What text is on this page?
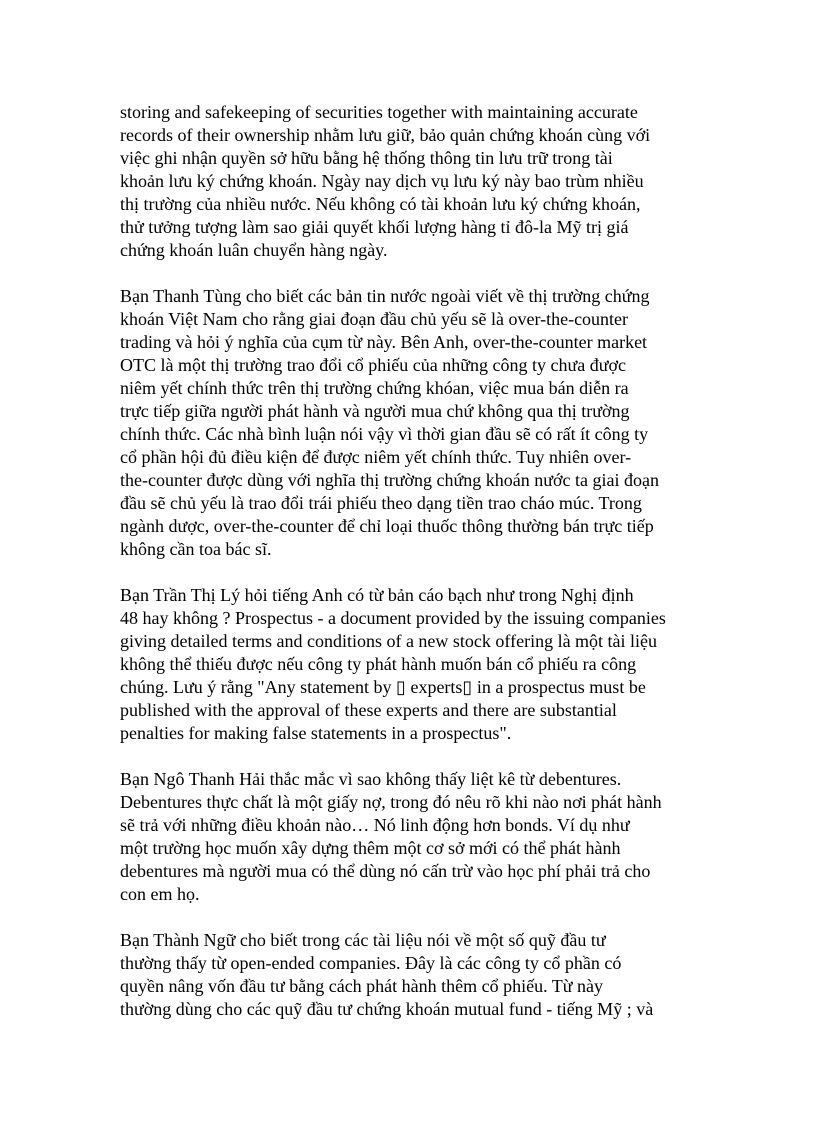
storing and safekeeping of securities together with maintaining accurate
records of their ownership nhằm lưu giữ, bảo quản chứng khoán cùng với
việc ghi nhận quyền sở hữu bằng hệ thống thông tin lưu trữ trong tài
khoản lưu ký chứng khoán. Ngày nay dịch vụ lưu ký này bao trùm nhiều
thị trường của nhiều nước. Nếu không có tài khoản lưu ký chứng khoán,
thử tưởng tượng làm sao giải quyết khối lượng hàng tỉ đô-la Mỹ trị giá
chứng khoán luân chuyển hàng ngày.
Bạn Thanh Tùng cho biết các bản tin nước ngoài viết về thị trường chứng
khoán Việt Nam cho rằng giai đoạn đầu chủ yếu sẽ là over-the-counter
trading và hỏi ý nghĩa của cụm từ này. Bên Anh, over-the-counter market
OTC là một thị trường trao đổi cổ phiếu của những công ty chưa được
niêm yết chính thức trên thị trường chứng khóan, việc mua bán diễn ra
trực tiếp giữa người phát hành và người mua chứ không qua thị trường
chính thức. Các nhà bình luận nói vậy vì thời gian đầu sẽ có rất ít công ty
cổ phần hội đủ điều kiện để được niêm yết chính thức. Tuy nhiên over-
the-counter được dùng với nghĩa thị trường chứng khoán nước ta giai đoạn
đầu sẽ chủ yếu là trao đổi trái phiếu theo dạng tiền trao cháo múc. Trong
ngành dược, over-the-counter để chỉ loại thuốc thông thường bán trực tiếp
không cần toa bác sĩ.
Bạn Trần Thị Lý hỏi tiếng Anh có từ bản cáo bạch như trong Nghị định
48 hay không ? Prospectus - a document provided by the issuing companies
giving detailed terms and conditions of a new stock offering là một tài liệu
không thể thiếu được nếu công ty phát hành muốn bán cổ phiếu ra công
chúng. Lưu ý rằng "Any statement by ▯ experts▯ in a prospectus must be
published with the approval of these experts and there are substantial
penalties for making false statements in a prospectus".
Bạn Ngô Thanh Hải thắc mắc vì sao không thấy liệt kê từ debentures.
Debentures thực chất là một giấy nợ, trong đó nêu rõ khi nào nơi phát hành
sẽ trả với những điều khoản nào… Nó linh động hơn bonds. Ví dụ như
một trường học muốn xây dựng thêm một cơ sở mới có thể phát hành
debentures mà người mua có thể dùng nó cấn trừ vào học phí phải trả cho
con em họ.
Bạn Thành Ngữ cho biết trong các tài liệu nói về một số quỹ đầu tư
thường thấy từ open-ended companies. Đây là các công ty cổ phần có
quyền nâng vốn đầu tư bằng cách phát hành thêm cổ phiếu. Từ này
thường dùng cho các quỹ đầu tư chứng khoán mutual fund - tiếng Mỹ ; và
